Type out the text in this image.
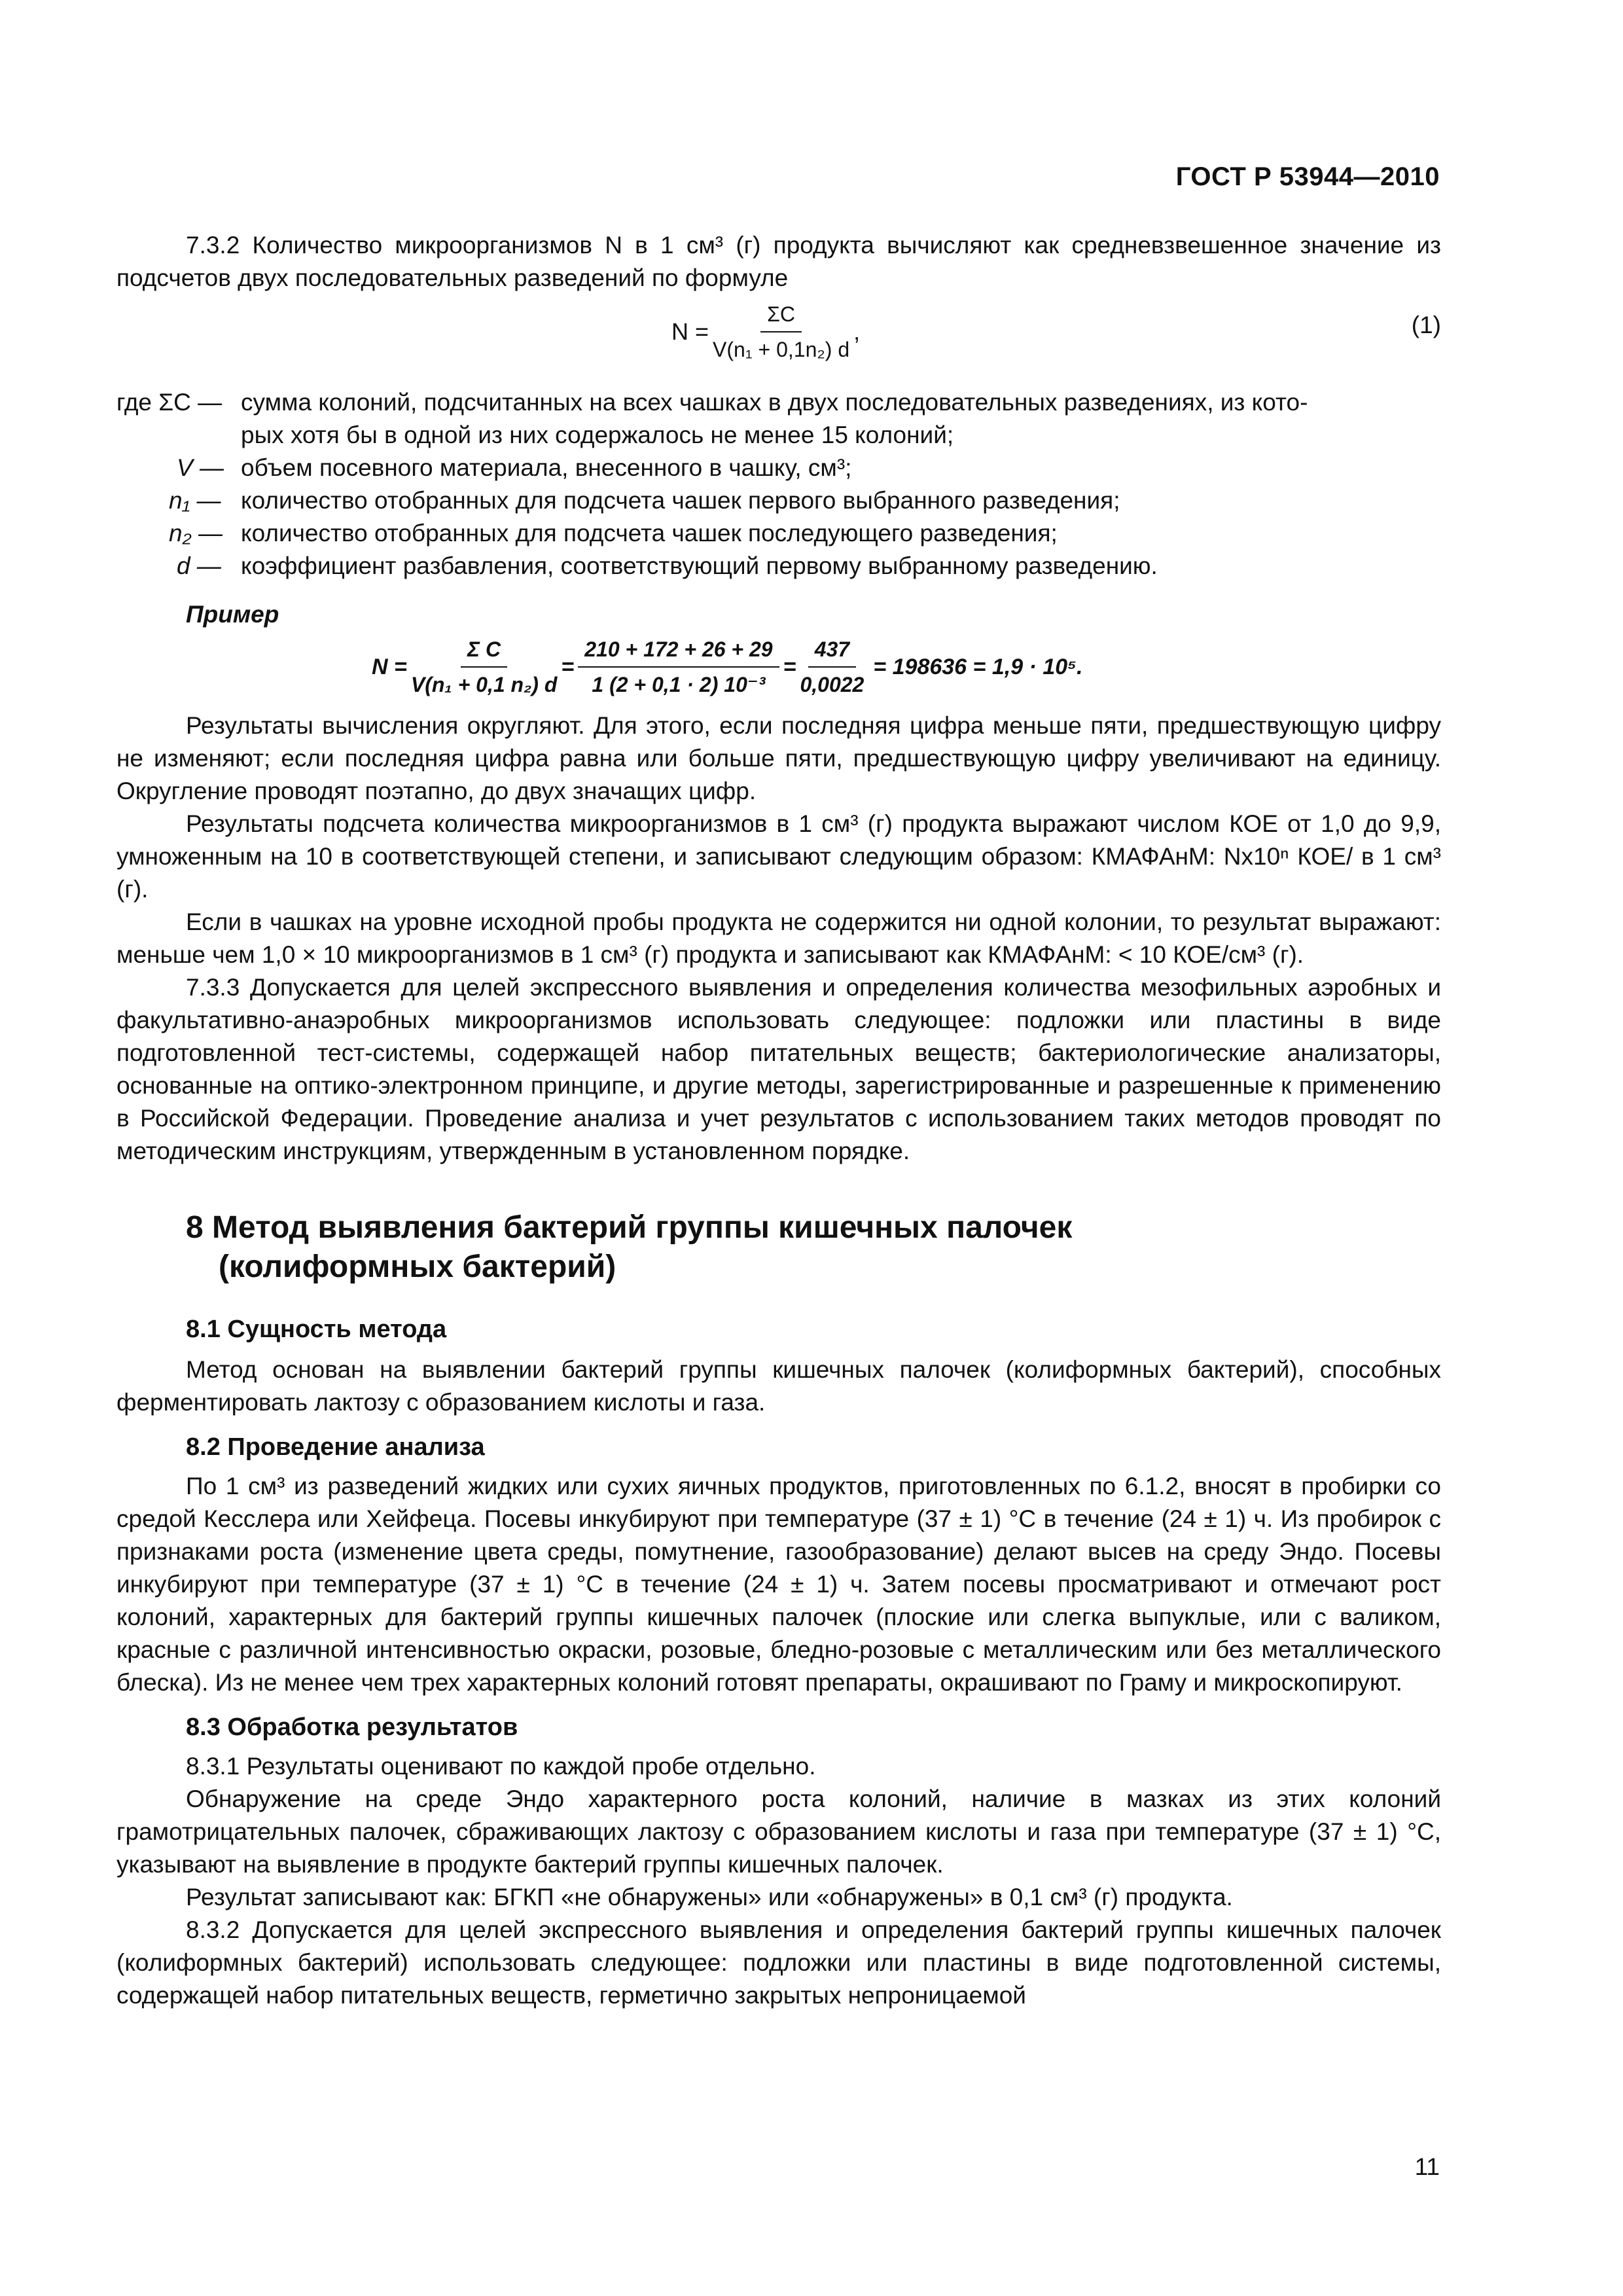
ГОСТ Р 53944—2010

7.3.2 Количество микроорганизмов N в 1 см³ (г) продукта вычисляют как средневзвешенное значение из подсчетов двух последовательных разведений по формуле

$N = \frac{\Sigma C}{\text{V(n₁ + 0,1n₂) d}}$ ,	(1)
где ΣC — сумма колоний, подсчитанных на всех чашках в двух последовательных разведениях, из кото-
рых хотя бы в одной из них содержалось не менее 15 колоний;
V — объем посевного материала, внесенного в чашку, см³;
n₁ — количество отобранных для подсчета чашек первого выбранного разведения;
n₂ — количество отобранных для подсчета чашек последующего разведения;
d — коэффициент разбавления, соответствующий первому выбранному разведению.
Пример
$N = \frac{\text{Σ C}}{\text{V(n₁ + 0,1 n₂) d}} = \frac{210 + 172 + 26 + 29}{\text{1 (2 + 0,1 · 2) 10⁻³}} = \frac{437}{0,0022} = 198636 = 1,9 \cdot 10^5$.

Результаты вычисления округляют. Для этого, если последняя цифра меньше пяти, предшествующую цифру не изменяют; если последняя цифра равна или больше пяти, предшествующую цифру увеличивают на единицу. Округление проводят поэтапно, до двух значащих цифр.

Результаты подсчета количества микроорганизмов в 1 см³ (г) продукта выражают числом КОЕ от 1,0 до 9,9, умноженным на 10 в соответствующей степени, и записывают следующим образом: КМАФАнМ: Nx10ⁿ КОЕ/ в 1 см³ (г).

Если в чашках на уровне исходной пробы продукта не содержится ни одной колонии, то результат выражают: меньше чем 1,0 × 10 микроорганизмов в 1 см³ (г) продукта и записывают как КМАФАнМ: < 10 КОЕ/см³ (г).

7.3.3 Допускается для целей экспрессного выявления и определения количества мезофильных аэробных и факультативно-анаэробных микроорганизмов использовать следующее: подложки или пластины в виде подготовленной тест-системы, содержащей набор питательных веществ; бактериологические анализаторы, основанные на оптико-электронном принципе, и другие методы, зарегистрированные и разрешенные к применению в Российской Федерации. Проведение анализа и учет результатов с использованием таких методов проводят по методическим инструкциям, утвержденным в установленном порядке.

8 Метод выявления бактерий группы кишечных палочек
(колиформных бактерий)
8.1 Сущность метода

Метод основан на выявлении бактерий группы кишечных палочек (колиформных бактерий), способных ферментировать лактозу с образованием кислоты и газа.

8.2 Проведение анализа

По 1 см³ из разведений жидких или сухих яичных продуктов, приготовленных по 6.1.2, вносят в пробирки со средой Кесслера или Хейфеца. Посевы инкубируют при температуре (37 ± 1) °С в течение (24 ± 1) ч. Из пробирок с признаками роста (изменение цвета среды, помутнение, газообразование) делают высев на среду Эндо. Посевы инкубируют при температуре (37 ± 1) °С в течение (24 ± 1) ч. Затем посевы просматривают и отмечают рост колоний, характерных для бактерий группы кишечных палочек (плоские или слегка выпуклые, или с валиком, красные с различной интенсивностью окраски, розовые, бледно-розовые с металлическим или без металлического блеска). Из не менее чем трех характерных колоний готовят препараты, окрашивают по Граму и микроскопируют.

8.3 Обработка результатов

8.3.1 Результаты оценивают по каждой пробе отдельно.

Обнаружение на среде Эндо характерного роста колоний, наличие в мазках из этих колоний грамотрицательных палочек, сбраживающих лактозу с образованием кислоты и газа при температуре (37 ± 1) °С, указывают на выявление в продукте бактерий группы кишечных палочек.

Результат записывают как: БГКП «не обнаружены» или «обнаружены» в 0,1 см³ (г) продукта.

8.3.2 Допускается для целей экспрессного выявления и определения бактерий группы кишечных палочек (колиформных бактерий) использовать следующее: подложки или пластины в виде подготовленной системы, содержащей набор питательных веществ, герметично закрытых непроницаемой

11
